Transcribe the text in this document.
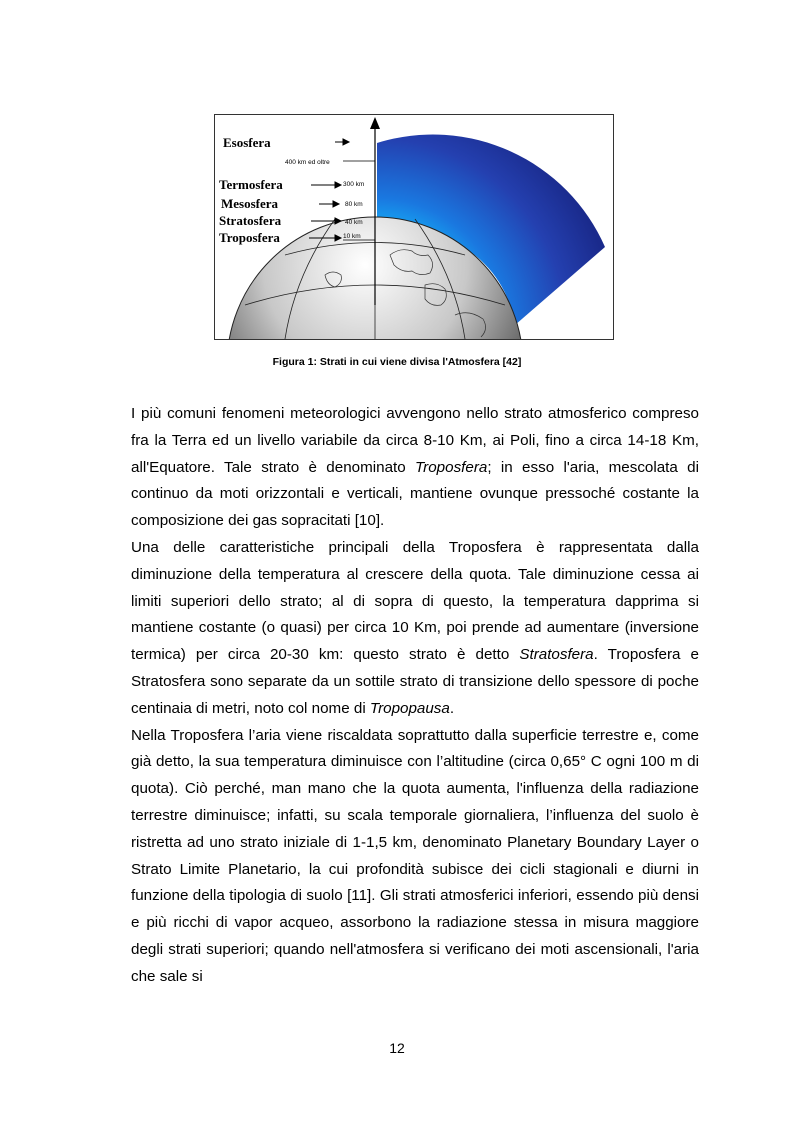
Esosfera
Termosfera
Mesosfera
Stratosfera
Troposfera
400 km ed oltre
300 km
80 km
40 km
10 km
Figura 1: Strati in cui viene divisa l'Atmosfera [42]

I più comuni fenomeni meteorologici avvengono nello strato atmosferico compreso fra la Terra ed un livello variabile da circa 8-10 Km, ai Poli, fino a circa 14-18 Km, all'Equatore. Tale strato è denominato Troposfera; in esso l'aria, mescolata di continuo da moti orizzontali e verticali, mantiene ovunque pressoché costante la composizione dei gas sopracitati [10].

Una delle caratteristiche principali della Troposfera è rappresentata dalla diminuzione della temperatura al crescere della quota. Tale diminuzione cessa ai limiti superiori dello strato; al di sopra di questo, la temperatura dapprima si mantiene costante (o quasi) per circa 10 Km, poi prende ad aumentare (inversione termica) per circa 20-30 km: questo strato è detto Stratosfera. Troposfera e Stratosfera sono separate da un sottile strato di transizione dello spessore di poche centinaia di metri, noto col nome di Tropopausa.

Nella Troposfera l’aria viene riscaldata soprattutto dalla superficie terrestre e, come già detto, la sua temperatura diminuisce con l’altitudine (circa 0,65° C ogni 100 m di quota). Ciò perché, man mano che la quota aumenta, l'influenza della radiazione terrestre diminuisce; infatti, su scala temporale giornaliera, l’influenza del suolo è ristretta ad uno strato iniziale di 1-1,5 km, denominato Planetary Boundary Layer o Strato Limite Planetario, la cui profondità subisce dei cicli stagionali e diurni in funzione della tipologia di suolo [11]. Gli strati atmosferici inferiori, essendo più densi e più ricchi di vapor acqueo, assorbono la radiazione stessa in misura maggiore degli strati superiori; quando nell'atmosfera si verificano dei moti ascensionali, l'aria che sale si

12
